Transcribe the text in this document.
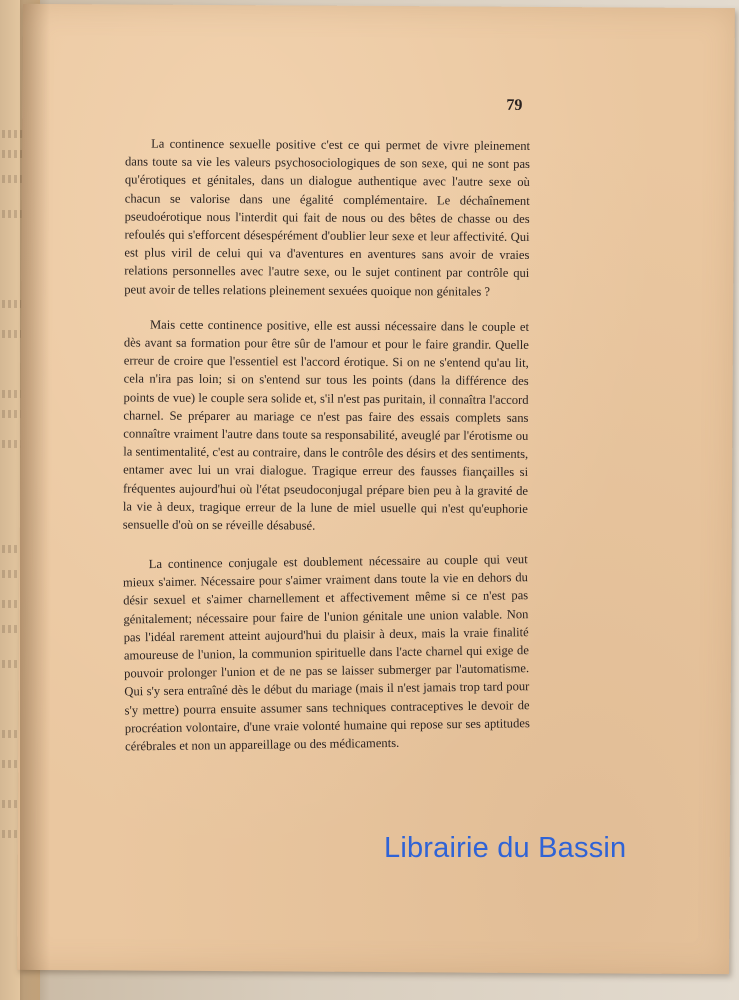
79

La continence sexuelle positive c'est ce qui permet de vivre pleinement dans toute sa vie les valeurs psychosociologiques de son sexe, qui ne sont pas qu'érotiques et génitales, dans un dialogue authentique avec l'autre sexe où chacun se valorise dans une égalité complémentaire. Le déchaînement pseudoérotique nous l'interdit qui fait de nous ou des bêtes de chasse ou des refoulés qui s'efforcent désespérément d'oublier leur sexe et leur affectivité. Qui est plus viril de celui qui va d'aventures en aventures sans avoir de vraies relations personnelles avec l'autre sexe, ou le sujet continent par contrôle qui peut avoir de telles relations pleinement sexuées quoique non génitales ?

Mais cette continence positive, elle est aussi nécessaire dans le couple et dès avant sa formation pour être sûr de l'amour et pour le faire grandir. Quelle erreur de croire que l'essentiel est l'accord érotique. Si on ne s'entend qu'au lit, cela n'ira pas loin; si on s'entend sur tous les points (dans la différence des points de vue) le couple sera solide et, s'il n'est pas puritain, il connaîtra l'accord charnel. Se préparer au mariage ce n'est pas faire des essais complets sans connaître vraiment l'autre dans toute sa responsabilité, aveuglé par l'érotisme ou la sentimentalité, c'est au contraire, dans le contrôle des désirs et des sentiments, entamer avec lui un vrai dialogue. Tragique erreur des fausses fiançailles si fréquentes aujourd'hui où l'état pseudoconjugal prépare bien peu à la gravité de la vie à deux, tragique erreur de la lune de miel usuelle qui n'est qu'euphorie sensuelle d'où on se réveille désabusé.

La continence conjugale est doublement nécessaire au couple qui veut mieux s'aimer. Nécessaire pour s'aimer vraiment dans toute la vie en dehors du désir sexuel et s'aimer charnellement et affectivement même si ce n'est pas génitalement; nécessaire pour faire de l'union génitale une union valable. Non pas l'idéal rarement atteint aujourd'hui du plaisir à deux, mais la vraie finalité amoureuse de l'union, la communion spirituelle dans l'acte charnel qui exige de pouvoir prolonger l'union et de ne pas se laisser submerger par l'automatisme. Qui s'y sera entraîné dès le début du mariage (mais il n'est jamais trop tard pour s'y mettre) pourra ensuite assumer sans techniques contraceptives le devoir de procréation volontaire, d'une vraie volonté humaine qui repose sur ses aptitudes cérébrales et non un appareillage ou des médicaments.

Librairie du Bassin
